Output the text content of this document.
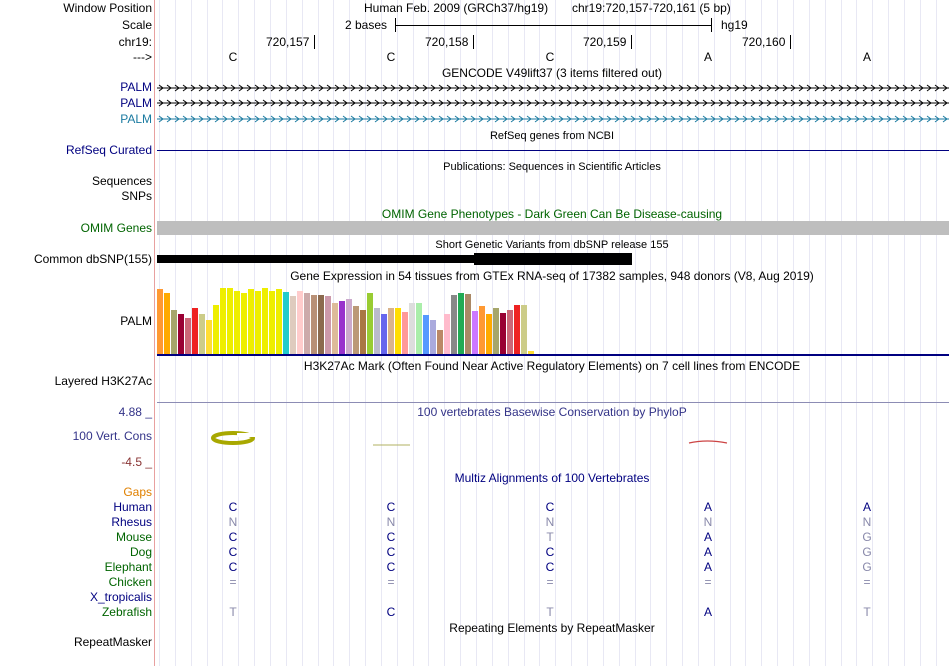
Window Position	Human Feb. 2009 (GRCh37/hg19) chr19:720,157-720,161 (5 bp)
Scale	2 bases	hg19
chr19:	720,157	720,158	720,159	720,160
--->	C	C	C	A	A
GENCODE V49lift37 (3 items filtered out)
PALM
PALM
PALM
RefSeq genes from NCBI
RefSeq Curated
Publications: Sequences in Scientific Articles
Sequences
SNPs
OMIM Gene Phenotypes - Dark Green Can Be Disease-causing
OMIM Genes
Short Genetic Variants from dbSNP release 155
Common dbSNP(155)
Gene Expression in 54 tissues from GTEx RNA-seq of 17382 samples, 948 donors (V8, Aug 2019)
PALM
H3K27Ac Mark (Often Found Near Active Regulatory Elements) on 7 cell lines from ENCODE
Layered H3K27Ac
100 vertebrates Basewise Conservation by PhyloP
4.88 _
100 Vert. Cons
-4.5 _
Multiz Alignments of 100 Vertebrates
Gaps
Human	C	C	C	A	A
Rhesus	N	N	N	N	N
Mouse	C	C	T	A	G
Dog	C	C	C	A	G
Elephant	C	C	C	A	G
Chicken	=	=	=	=	=
X_tropicalis
Zebrafish	T	C	T	A	T
Repeating Elements by RepeatMasker
RepeatMasker
